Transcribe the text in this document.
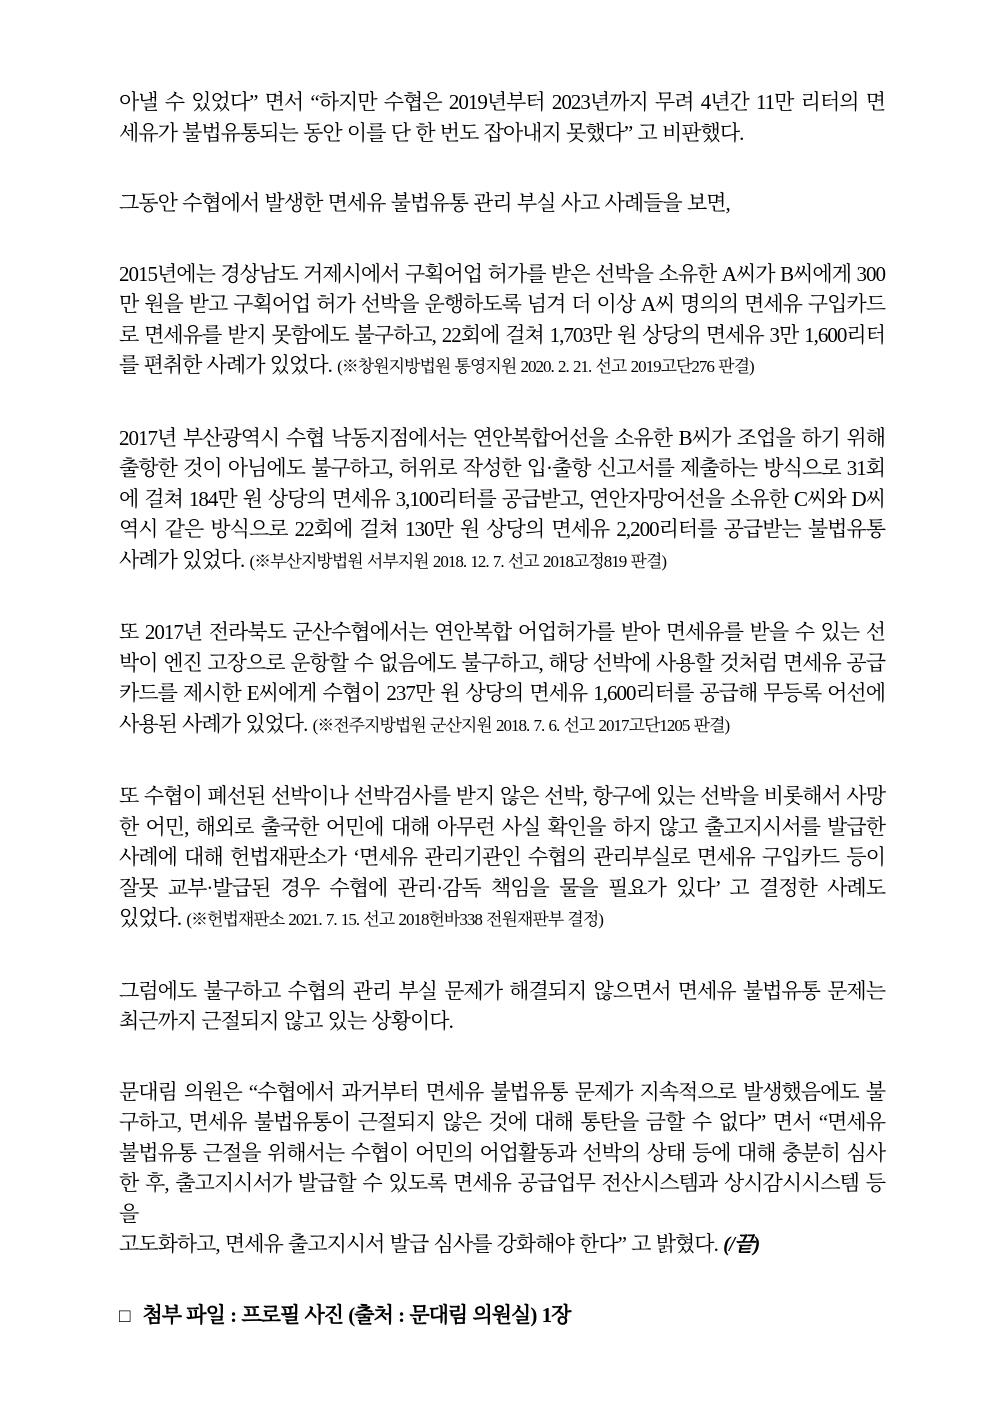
아낼 수 있었다” 면서 “하지만 수협은 2019년부터 2023년까지 무려 4년간 11만 리터의 면
세유가 불법유통되는 동안 이를 단 한 번도 잡아내지 못했다” 고 비판했다.

그동안 수협에서 발생한 면세유 불법유통 관리 부실 사고 사례들을 보면,

2015년에는 경상남도 거제시에서 구획어업 허가를 받은 선박을 소유한 A씨가 B씨에게 300
만 원을 받고 구획어업 허가 선박을 운행하도록 넘겨 더 이상 A씨 명의의 면세유 구입카드
로 면세유를 받지 못함에도 불구하고, 22회에 걸쳐 1,703만 원 상당의 면세유 3만 1,600리터
를 편취한 사례가 있었다. (※창원지방법원 통영지원 2020. 2. 21. 선고 2019고단276 판결)

2017년 부산광역시 수협 낙동지점에서는 연안복합어선을 소유한 B씨가 조업을 하기 위해
출항한 것이 아님에도 불구하고, 허위로 작성한 입·출항 신고서를 제출하는 방식으로 31회
에 걸쳐 184만 원 상당의 면세유 3,100리터를 공급받고, 연안자망어선을 소유한 C씨와 D씨
역시 같은 방식으로 22회에 걸쳐 130만 원 상당의 면세유 2,200리터를 공급받는 불법유통
사례가 있었다. (※부산지방법원 서부지원 2018. 12. 7. 선고 2018고정819 판결)

또 2017년 전라북도 군산수협에서는 연안복합 어업허가를 받아 면세유를 받을 수 있는 선
박이 엔진 고장으로 운항할 수 없음에도 불구하고, 해당 선박에 사용할 것처럼 면세유 공급
카드를 제시한 E씨에게 수협이 237만 원 상당의 면세유 1,600리터를 공급해 무등록 어선에
사용된 사례가 있었다. (※전주지방법원 군산지원 2018. 7. 6. 선고 2017고단1205 판결)

또 수협이 폐선된 선박이나 선박검사를 받지 않은 선박, 항구에 있는 선박을 비롯해서 사망
한 어민, 해외로 출국한 어민에 대해 아무런 사실 확인을 하지 않고 출고지시서를 발급한
사례에 대해 헌법재판소가 ‘면세유 관리기관인 수협의 관리부실로 면세유 구입카드 등이
잘못 교부·발급된 경우 수협에 관리·감독 책임을 물을 필요가 있다’ 고 결정한 사례도
있었다. (※헌법재판소 2021. 7. 15. 선고 2018헌바338 전원재판부 결정)

그럼에도 불구하고 수협의 관리 부실 문제가 해결되지 않으면서 면세유 불법유통 문제는
최근까지 근절되지 않고 있는 상황이다.

문대림 의원은 “수협에서 과거부터 면세유 불법유통 문제가 지속적으로 발생했음에도 불
구하고, 면세유 불법유통이 근절되지 않은 것에 대해 통탄을 금할 수 없다” 면서 “면세유
불법유통 근절을 위해서는 수협이 어민의 어업활동과 선박의 상태 등에 대해 충분히 심사
한 후, 출고지시서가 발급할 수 있도록 면세유 공급업무 전산시스템과 상시감시시스템 등을
고도화하고, 면세유 출고지시서 발급 심사를 강화해야 한다” 고 밝혔다. (/끝)

□ 첨부 파일 : 프로필 사진 (출처 : 문대림 의원실) 1장
